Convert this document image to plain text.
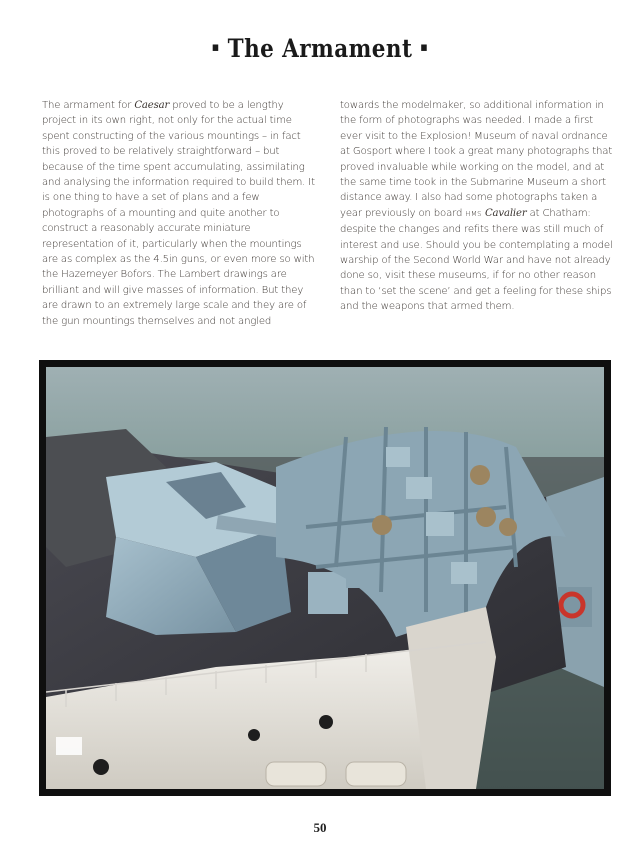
▪ The Armament ▪
The armament for Caesar proved to be a lengthy project in its own right, not only for the actual time spent constructing of the various mountings – in fact this proved to be relatively straightforward – but because of the time spent accumulating, assimilating and analysing the information required to build them. It is one thing to have a set of plans and a few photographs of a mounting and quite another to construct a reasonably accurate miniature representation of it, particularly when the mountings are as complex as the 4.5in guns, or even more so with the Hazemeyer Bofors. The Lambert drawings are brilliant and will give masses of information. But they are drawn to an extremely large scale and they are of the gun mountings themselves and not angled
towards the modelmaker, so additional information in the form of photographs was needed. I made a first ever visit to the Explosion! Museum of naval ordnance at Gosport where I took a great many photographs that proved invaluable while working on the model, and at the same time took in the Submarine Museum a short distance away. I also had some photographs taken a year previously on board HMS Cavalier at Chatham: despite the changes and refits there was still much of interest and use. Should you be contemplating a model warship of the Second World War and have not already done so, visit these museums, if for no other reason than to ‘set the scene’ and get a feeling for these ships and the weapons that armed them.
50
